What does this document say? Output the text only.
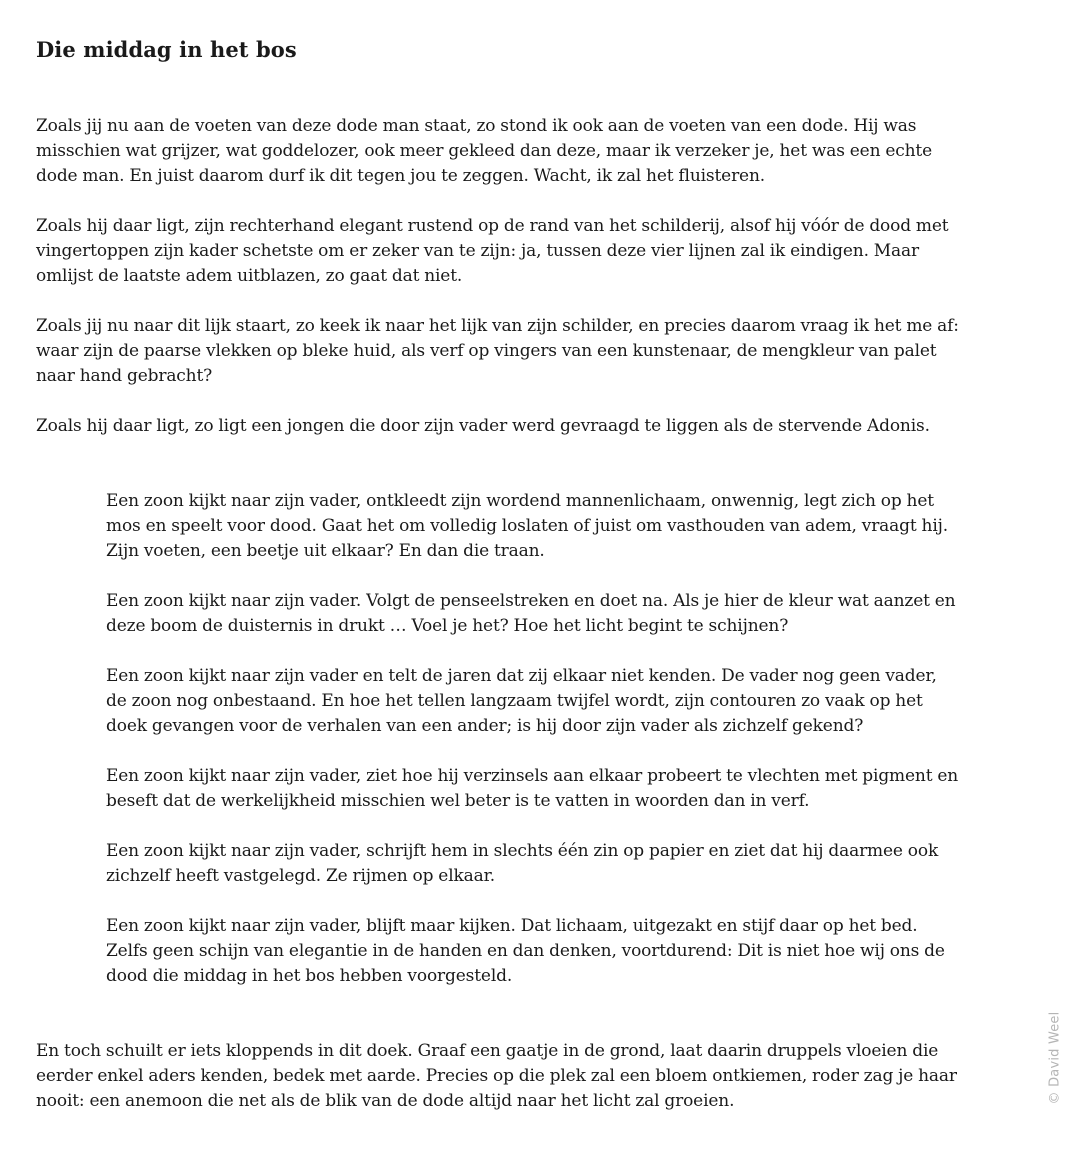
Die middag in het bos

Zoals jij nu aan de voeten van deze dode man staat, zo stond ik ook aan de voeten van een dode. Hij was misschien wat grijzer, wat goddelozer, ook meer gekleed dan deze, maar ik verzeker je, het was een echte dode man. En juist daarom durf ik dit tegen jou te zeggen. Wacht, ik zal het fluisteren.

Zoals hij daar ligt, zijn rechterhand elegant rustend op de rand van het schilderij, alsof hij vóór de dood met vingertoppen zijn kader schetste om er zeker van te zijn: ja, tussen deze vier lijnen zal ik eindigen. Maar omlijst de laatste adem uitblazen, zo gaat dat niet.

Zoals jij nu naar dit lijk staart, zo keek ik naar het lijk van zijn schilder, en precies daarom vraag ik het me af: waar zijn de paarse vlekken op bleke huid, als verf op vingers van een kunstenaar, de mengkleur van palet naar hand gebracht?

Zoals hij daar ligt, zo ligt een jongen die door zijn vader werd gevraagd te liggen als de stervende Adonis.

Een zoon kijkt naar zijn vader, ontkleedt zijn wordend mannenlichaam, onwennig, legt zich op het mos en speelt voor dood. Gaat het om volledig loslaten of juist om vasthouden van adem, vraagt hij. Zijn voeten, een beetje uit elkaar? En dan die traan.

Een zoon kijkt naar zijn vader. Volgt de penseelstreken en doet na. Als je hier de kleur wat aanzet en deze boom de duisternis in drukt … Voel je het? Hoe het licht begint te schijnen?

Een zoon kijkt naar zijn vader en telt de jaren dat zij elkaar niet kenden. De vader nog geen vader, de zoon nog onbestaand. En hoe het tellen langzaam twijfel wordt, zijn contouren zo vaak op het doek gevangen voor de verhalen van een ander; is hij door zijn vader als zichzelf gekend?

Een zoon kijkt naar zijn vader, ziet hoe hij verzinsels aan elkaar probeert te vlechten met pigment en beseft dat de werkelijkheid misschien wel beter is te vatten in woorden dan in verf.

Een zoon kijkt naar zijn vader, schrijft hem in slechts één zin op papier en ziet dat hij daarmee ook zichzelf heeft vastgelegd. Ze rijmen op elkaar.

Een zoon kijkt naar zijn vader, blijft maar kijken. Dat lichaam, uitgezakt en stijf daar op het bed. Zelfs geen schijn van elegantie in de handen en dan denken, voortdurend: Dit is niet hoe wij ons de dood die middag in het bos hebben voorgesteld.

En toch schuilt er iets kloppends in dit doek. Graaf een gaatje in de grond, laat daarin druppels vloeien die eerder enkel aders kenden, bedek met aarde. Precies op die plek zal een bloem ontkiemen, roder zag je haar nooit: een anemoon die net als de blik van de dode altijd naar het licht zal groeien.	© David Weel
